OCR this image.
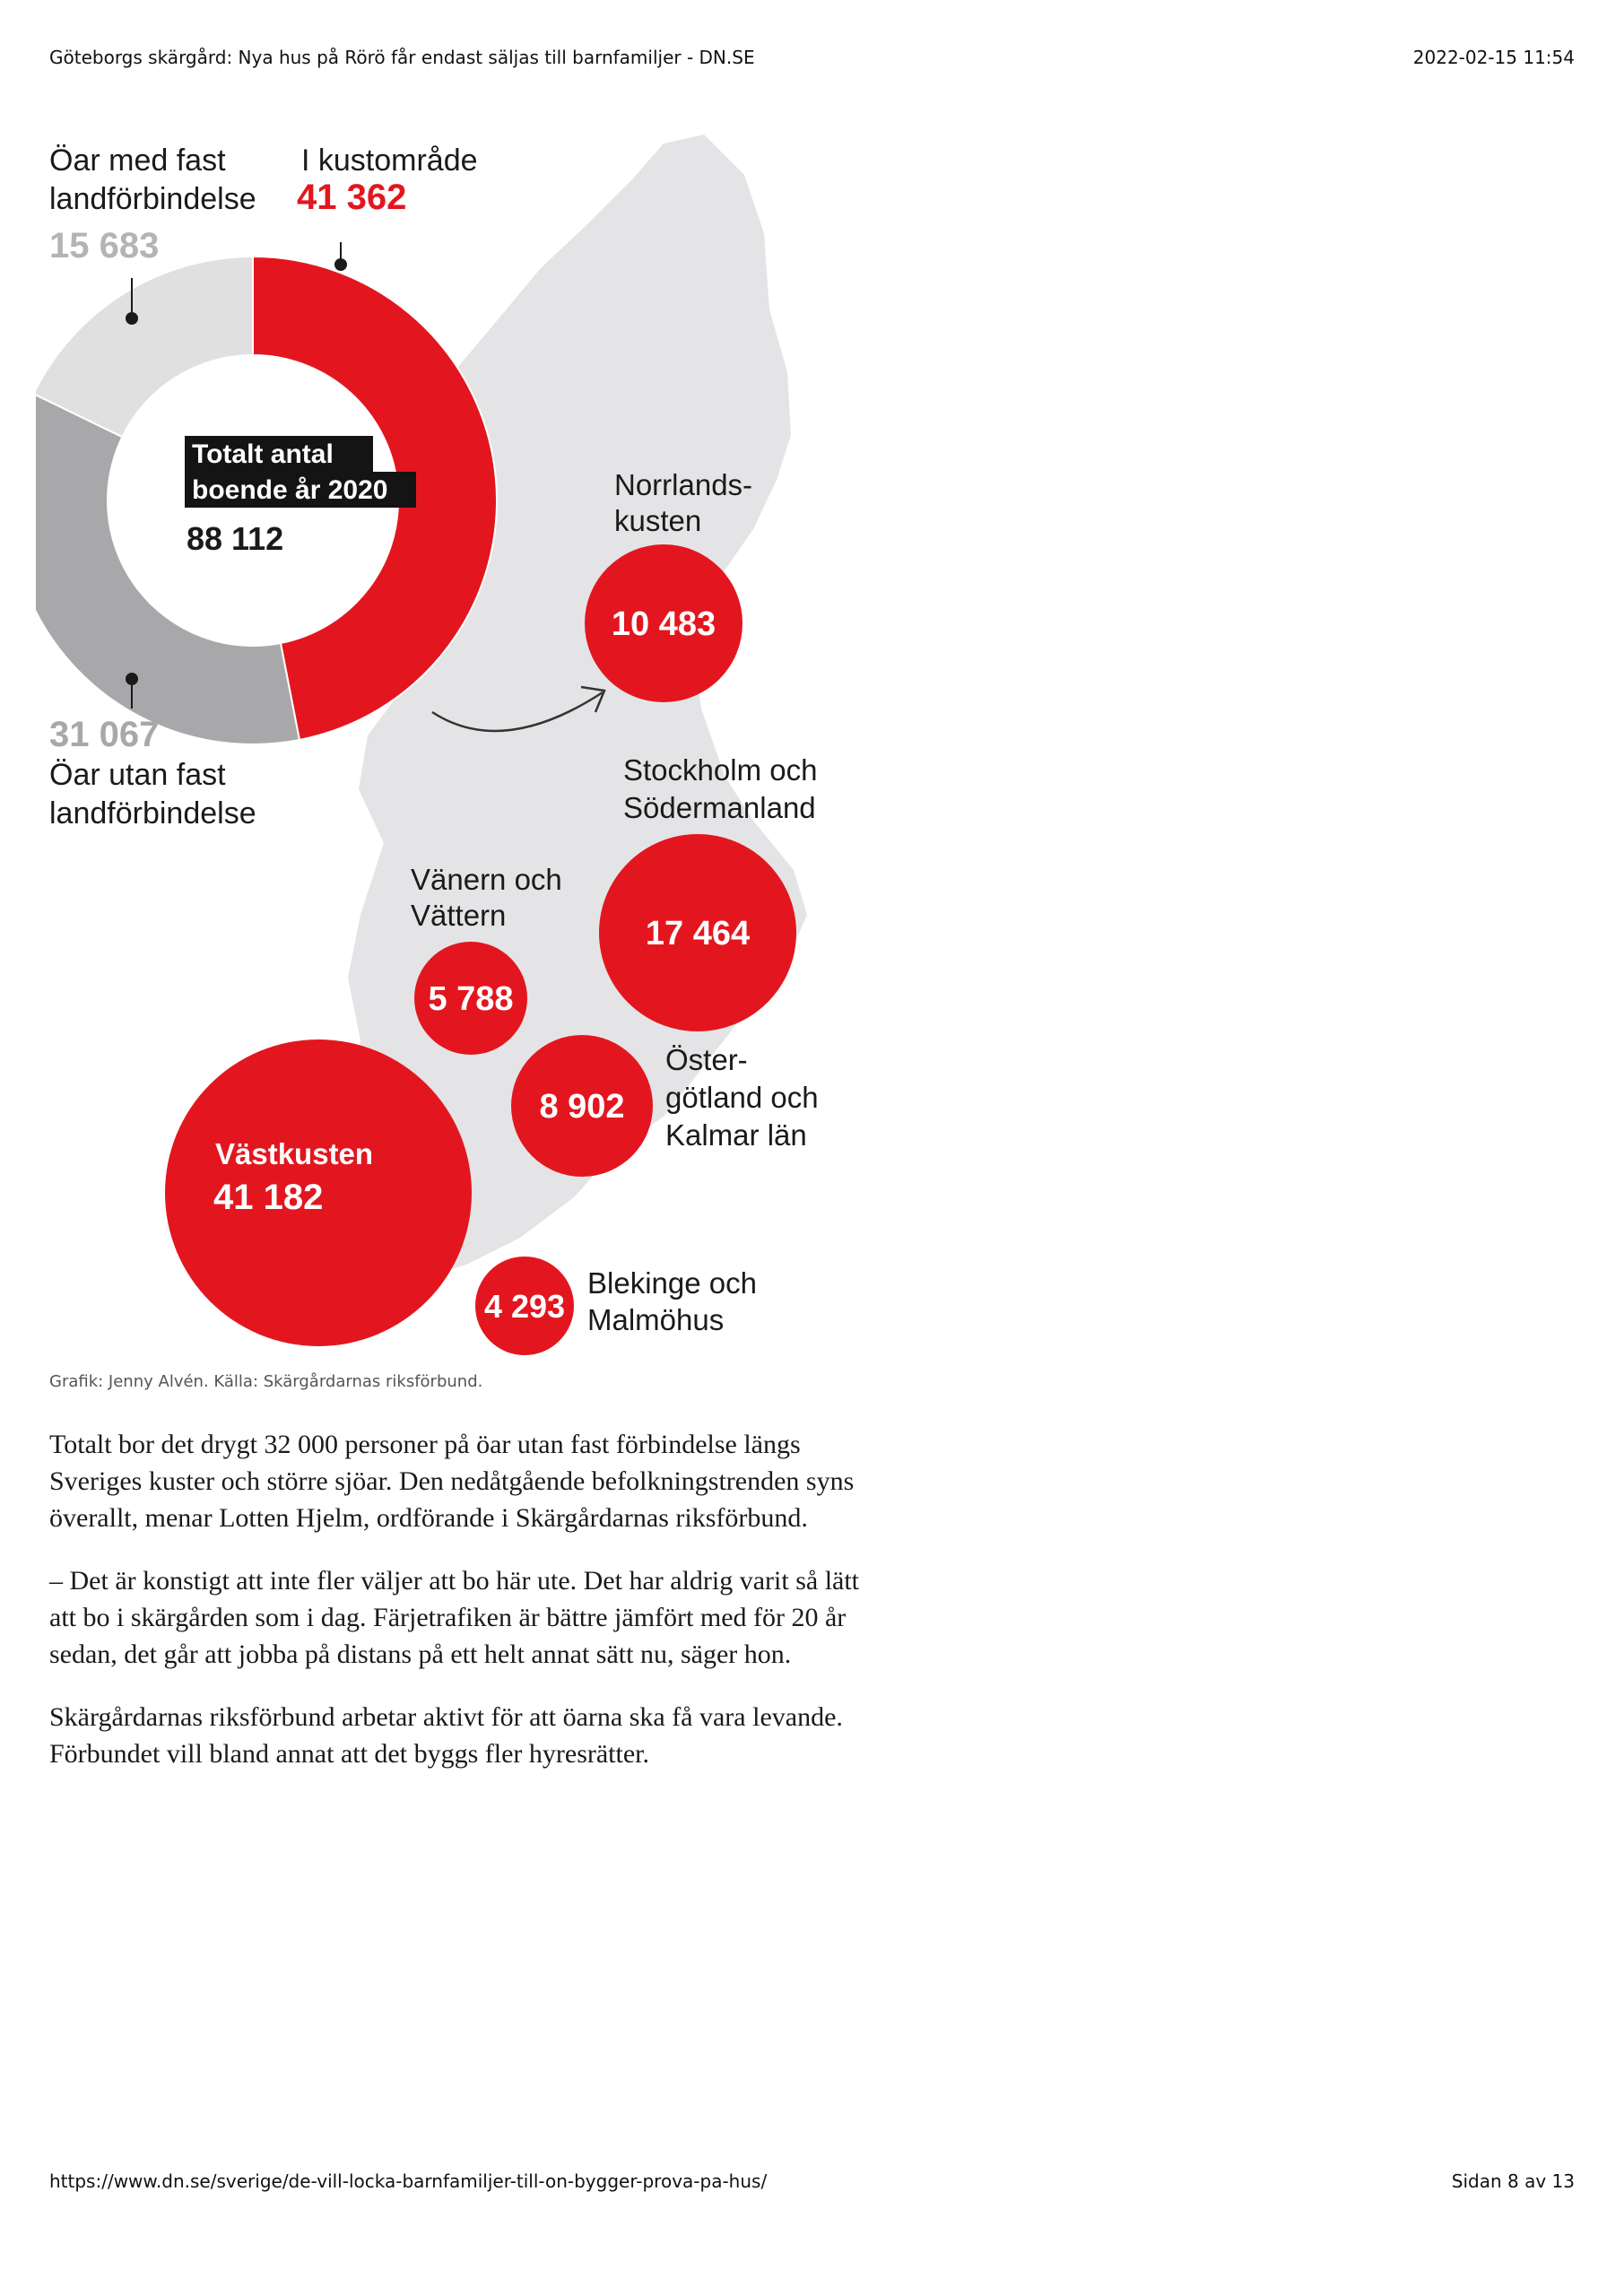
Göteborgs skärgård: Nya hus på Rörö får endast säljas till barnfamiljer - DN.SE	2022-02-15 11:54
Totalt antal
boende år 2020
88 112
I kustområde
41 362
Öar med fast
landförbindelse
15 683
31 067
Öar utan fast
landförbindelse
10 483
Norrlands-
kusten
17 464
Stockholm och
Södermanland
5 788
Vänern och
Vättern
8 902
Öster-
götland och
Kalmar län
Västkusten
41 182
4 293
Blekinge och
Malmöhus
Grafik: Jenny Alvén. Källa: Skärgårdarnas riksförbund.

Totalt bor det drygt 32 000 personer på öar utan fast förbindelse längs Sveriges kuster och större sjöar. Den nedåtgående befolkningstrenden syns överallt, menar Lotten Hjelm, ordförande i Skärgårdarnas riksförbund.

– Det är konstigt att inte fler väljer att bo här ute. Det har aldrig varit så lätt att bo i skärgården som i dag. Färjetrafiken är bättre jämfört med för 20 år sedan, det går att jobba på distans på ett helt annat sätt nu, säger hon.

Skärgårdarnas riksförbund arbetar aktivt för att öarna ska få vara levande. Förbundet vill bland annat att det byggs fler hyresrätter.

https://www.dn.se/sverige/de-vill-locka-barnfamiljer-till-on-bygger-prova-pa-hus/	Sidan 8 av 13
